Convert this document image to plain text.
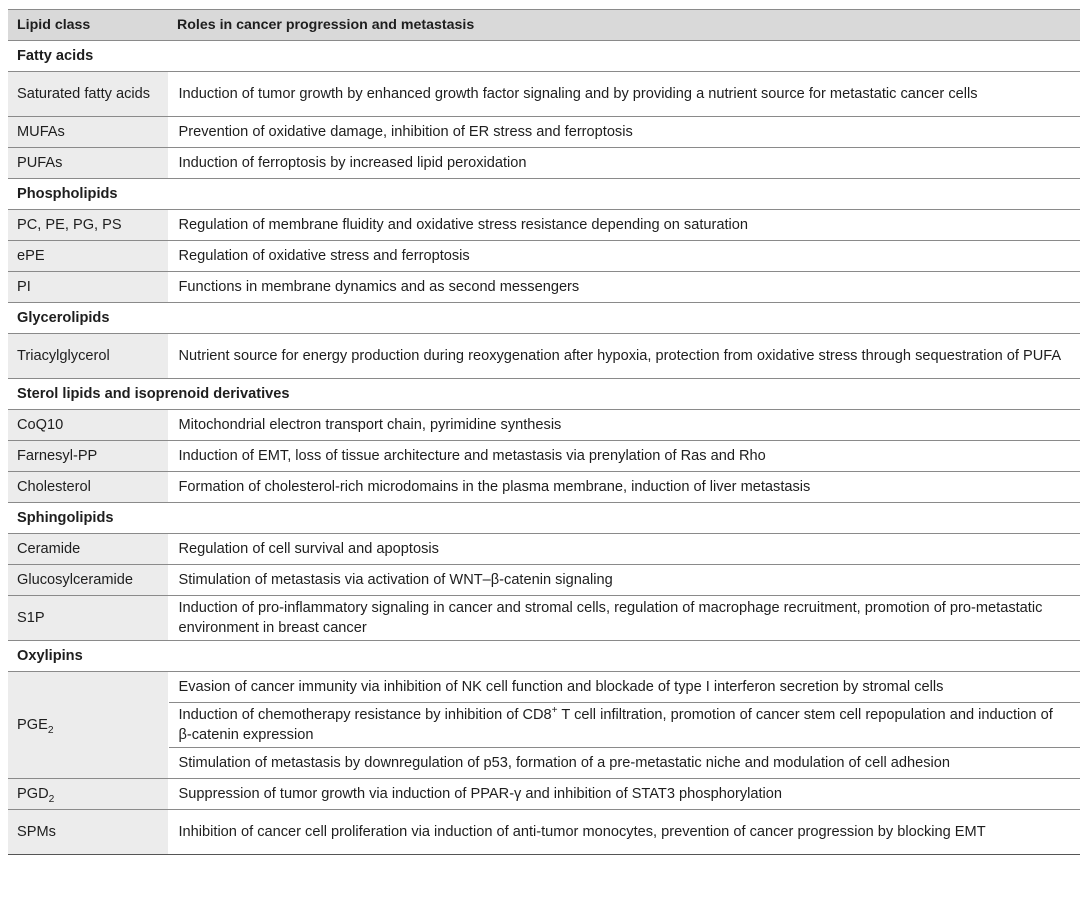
Lipid class	Roles in cancer progression and metastasis
Fatty acids	
Saturated fatty acids	Induction of tumor growth by enhanced growth factor signaling and by providing a nutrient source for metastatic cancer cells
MUFAs	Prevention of oxidative damage, inhibition of ER stress and ferroptosis
PUFAs	Induction of ferroptosis by increased lipid peroxidation
Phospholipids	
PC, PE, PG, PS	Regulation of membrane fluidity and oxidative stress resistance depending on saturation
ePE	Regulation of oxidative stress and ferroptosis
PI	Functions in membrane dynamics and as second messengers
Glycerolipids	
Triacylglycerol	Nutrient source for energy production during reoxygenation after hypoxia, protection from oxidative stress through sequestration of PUFA
Sterol lipids and isoprenoid derivatives	
CoQ10	Mitochondrial electron transport chain, pyrimidine synthesis
Farnesyl-PP	Induction of EMT, loss of tissue architecture and metastasis via prenylation of Ras and Rho
Cholesterol	Formation of cholesterol-rich microdomains in the plasma membrane, induction of liver metastasis
Sphingolipids	
Ceramide	Regulation of cell survival and apoptosis
Glucosylceramide	Stimulation of metastasis via activation of WNT–β-catenin signaling
S1P	Induction of pro-inflammatory signaling in cancer and stromal cells, regulation of macrophage recruitment, promotion of pro-metastatic environment in breast cancer
Oxylipins	
$PGE_2$	Evasion of cancer immunity via inhibition of NK cell function and blockade of type I interferon secretion by stromal cells
	Induction of chemotherapy resistance by inhibition of CD8+ T cell infiltration, promotion of cancer stem cell repopulation and induction of β-catenin expression
	Stimulation of metastasis by downregulation of p53, formation of a pre-metastatic niche and modulation of cell adhesion
$PGD_2$	Suppression of tumor growth via induction of PPAR-γ and inhibition of STAT3 phosphorylation
SPMs	Inhibition of cancer cell proliferation via induction of anti-tumor monocytes, prevention of cancer progression by blocking EMT
